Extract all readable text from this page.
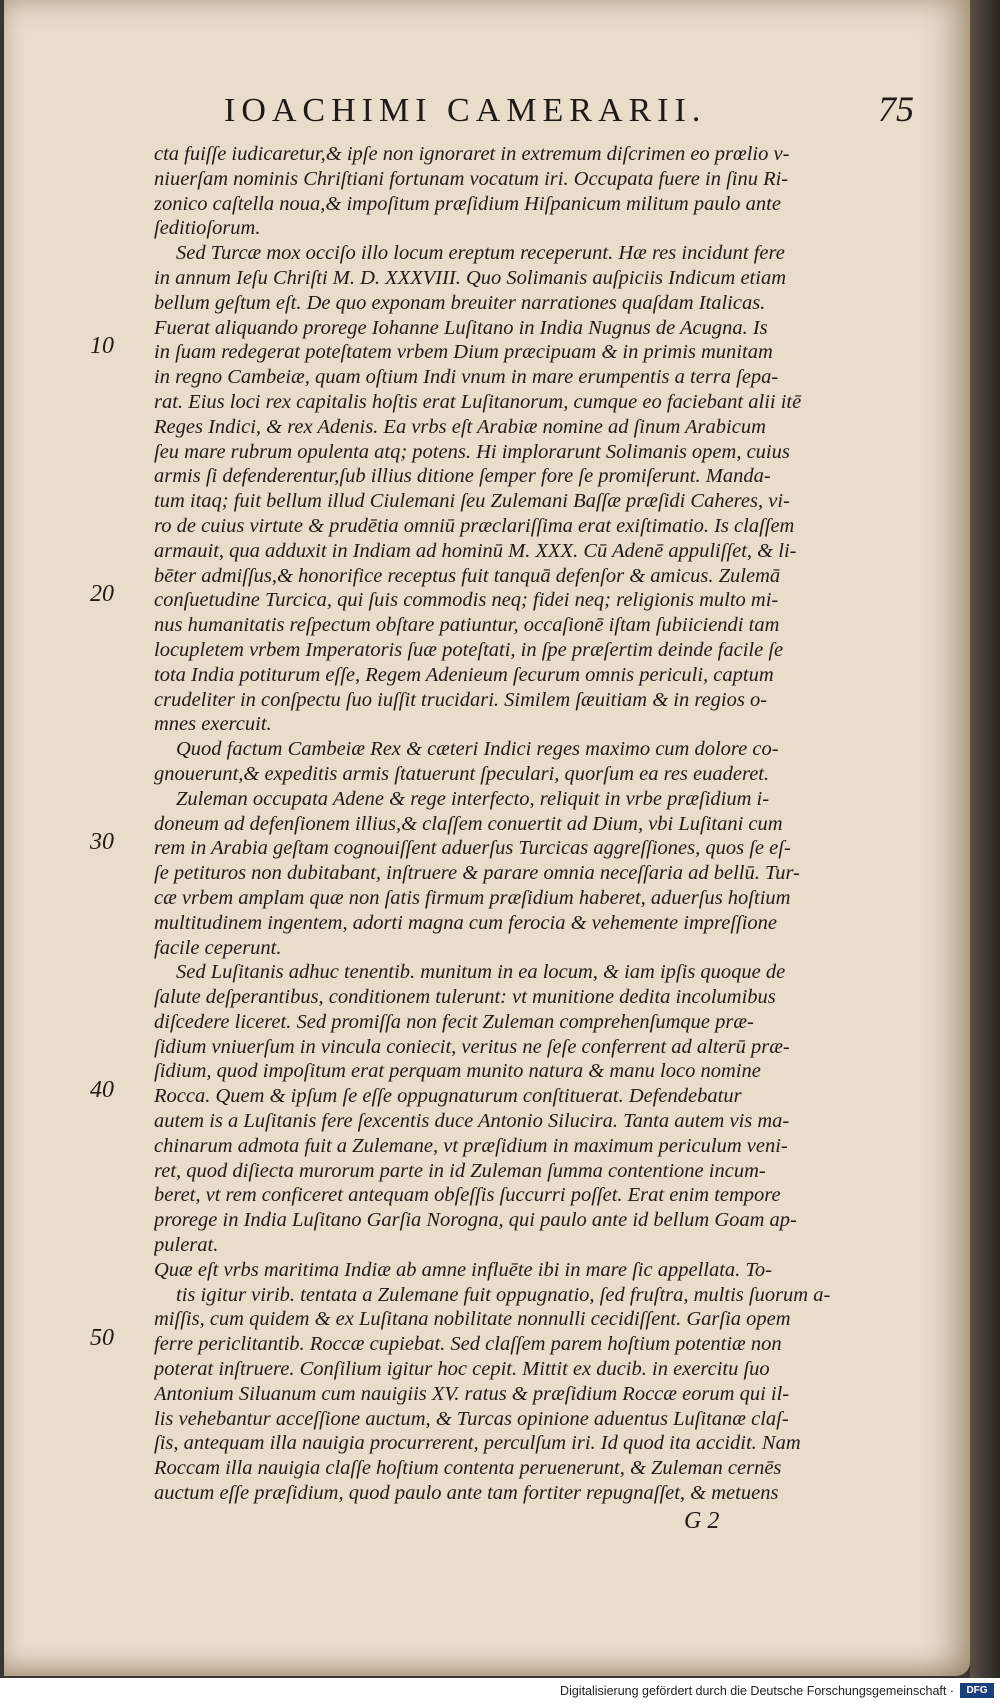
IOACHIMI CAMERARII.	75
cta fuiſſe iudicaretur,& ipſe non ignoraret in extremum diſcrimen eo prœlio v-
niuerſam nominis Chriſtiani fortunam vocatum iri. Occupata fuere in ſinu Ri-
zonico caſtella noua,& impoſitum præſidium Hiſpanicum militum paulo ante
ſeditioſorum.
Sed Turcæ mox occiſo illo locum ereptum receperunt. Hæ res incidunt fere
in annum Ieſu Chriſti M. D. XXXVIII. Quo Solimanis auſpiciis Indicum etiam
bellum geſtum eſt. De quo exponam breuiter narrationes quaſdam Italicas.
Fuerat aliquando prorege Iohanne Luſitano in India Nugnus de Acugna. Is
in ſuam redegerat poteſtatem vrbem Dium præcipuam & in primis munitam
in regno Cambeiæ, quam oſtium Indi vnum in mare erumpentis a terra ſepa-
rat. Eius loci rex capitalis hoſtis erat Luſitanorum, cumque eo faciebant alii itē
Reges Indici, & rex Adenis. Ea vrbs eſt Arabiæ nomine ad ſinum Arabicum
ſeu mare rubrum opulenta atq; potens. Hi implorarunt Solimanis opem, cuius
armis ſi defenderentur,ſub illius ditione ſemper fore ſe promiſerunt. Manda-
tum itaq; fuit bellum illud Ciulemani ſeu Zulemani Baſſæ præſidi Caheres, vi-
ro de cuius virtute & prudētia omniū præclariſſima erat exiſtimatio. Is claſſem
armauit, qua adduxit in Indiam ad hominū M. XXX. Cū Adenē appuliſſet, & li-
bēter admiſſus,& honorifice receptus fuit tanquā defenſor & amicus. Zulemā
conſuetudine Turcica, qui ſuis commodis neq; fidei neq; religionis multo mi-
nus humanitatis reſpectum obſtare patiuntur, occaſionē iſtam ſubiiciendi tam
locupletem vrbem Imperatoris ſuæ poteſtati, in ſpe præſertim deinde facile ſe
tota India potiturum eſſe, Regem Adenieum ſecurum omnis periculi, captum
crudeliter in conſpectu ſuo iuſſit trucidari. Similem ſæuitiam & in regios o-
mnes exercuit.
Quod factum Cambeiæ Rex & cæteri Indici reges maximo cum dolore co-
gnouerunt,& expeditis armis ſtatuerunt ſpeculari, quorſum ea res euaderet.
Zuleman occupata Adene & rege interfecto, reliquit in vrbe præſidium i-
doneum ad defenſionem illius,& claſſem conuertit ad Dium, vbi Luſitani cum
rem in Arabia geſtam cognouiſſent aduerſus Turcicas aggreſſiones, quos ſe eſ-
ſe petituros non dubitabant, inſtruere & parare omnia neceſſaria ad bellū. Tur-
cæ vrbem amplam quæ non ſatis firmum præſidium haberet, aduerſus hoſtium
multitudinem ingentem, adorti magna cum ferocia & vehemente impreſſione
facile ceperunt.
Sed Luſitanis adhuc tenentib. munitum in ea locum, & iam ipſis quoque de
ſalute deſperantibus, conditionem tulerunt: vt munitione dedita incolumibus
diſcedere liceret. Sed promiſſa non fecit Zuleman comprehenſumque præ-
ſidium vniuerſum in vincula coniecit, veritus ne ſeſe conferrent ad alterū præ-
ſidium, quod impoſitum erat perquam munito natura & manu loco nomine
Rocca. Quem & ipſum ſe eſſe oppugnaturum conſtituerat. Defendebatur
autem is a Luſitanis fere ſexcentis duce Antonio Silucira. Tanta autem vis ma-
chinarum admota fuit a Zulemane, vt præſidium in maximum periculum veni-
ret, quod diſiecta murorum parte in id Zuleman ſumma contentione incum-
beret, vt rem conficeret antequam obſeſſis ſuccurri poſſet. Erat enim tempore
prorege in India Luſitano Garſia Norogna, qui paulo ante id bellum Goam ap-
pulerat.
Quæ eſt vrbs maritima Indiæ ab amne influēte ibi in mare ſic appellata. To-
tis igitur virib. tentata a Zulemane fuit oppugnatio, ſed fruſtra, multis ſuorum a-
miſſis, cum quidem & ex Luſitana nobilitate nonnulli cecidiſſent. Garſia opem
ferre periclitantib. Roccæ cupiebat. Sed claſſem parem hoſtium potentiæ non
poterat inſtruere. Conſilium igitur hoc cepit. Mittit ex ducib. in exercitu ſuo
Antonium Siluanum cum nauigiis XV. ratus & præſidium Roccæ eorum qui il-
lis vehebantur acceſſione auctum, & Turcas opinione aduentus Luſitanæ claſ-
ſis, antequam illa nauigia procurrerent, perculſum iri. Id quod ita accidit. Nam
Roccam illa nauigia claſſe hoſtium contenta peruenerunt, & Zuleman cernēs
auctum eſſe præſidium, quod paulo ante tam fortiter repugnaſſet, & metuens
10
20
30
40
50
G 2
Digitalisierung gefördert durch die Deutsche Forschungsgemeinschaft ·	DFG
